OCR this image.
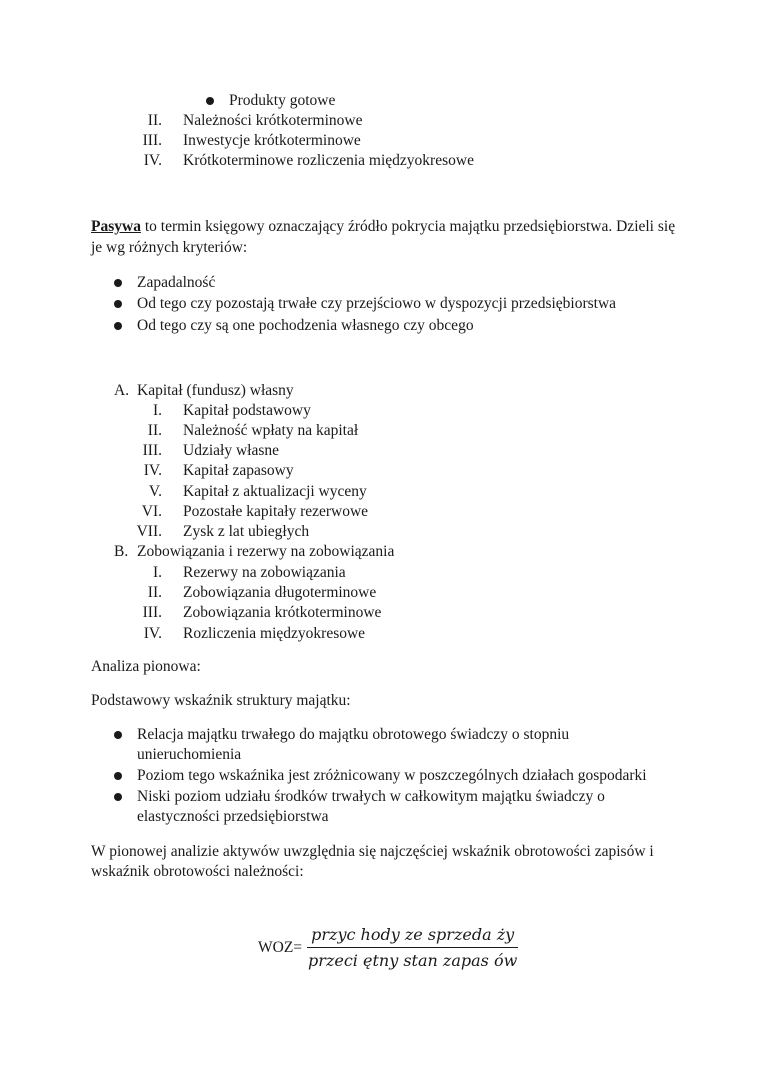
Produkty gotowe
II. Należności krótkoterminowe
III. Inwestycje krótkoterminowe
IV. Krótkoterminowe rozliczenia międzyokresowe
Pasywa to termin księgowy oznaczający źródło pokrycia majątku przedsiębiorstwa. Dzieli się
je wg różnych kryteriów:
Zapadalność
Od tego czy pozostają trwałe czy przejściowo w dyspozycji przedsiębiorstwa
Od tego czy są one pochodzenia własnego czy obcego
A. Kapitał (fundusz) własny
I. Kapitał podstawowy
II. Należność wpłaty na kapitał
III. Udziały własne
IV. Kapitał zapasowy
V. Kapitał z aktualizacji wyceny
VI. Pozostałe kapitały rezerwowe
VII. Zysk z lat ubiegłych
B. Zobowiązania i rezerwy na zobowiązania
I. Rezerwy na zobowiązania
II. Zobowiązania długoterminowe
III. Zobowiązania krótkoterminowe
IV. Rozliczenia międzyokresowe
Analiza pionowa:
Podstawowy wskaźnik struktury majątku:
Relacja majątku trwałego do majątku obrotowego świadczy o stopniu
unieruchomienia
Poziom tego wskaźnika jest zróżnicowany w poszczególnych działach gospodarki
Niski poziom udziału środków trwałych w całkowitym majątku świadczy o
elastyczności przedsiębiorstwa
W pionowej analizie aktywów uwzględnia się najczęściej wskaźnik obrotowości zapisów i
wskaźnik obrotowości należności:
$WOZ= \frac{\text{przyc hody ze sprzeda ży}}{\text{przeci ętny stan zapas ów}}$
